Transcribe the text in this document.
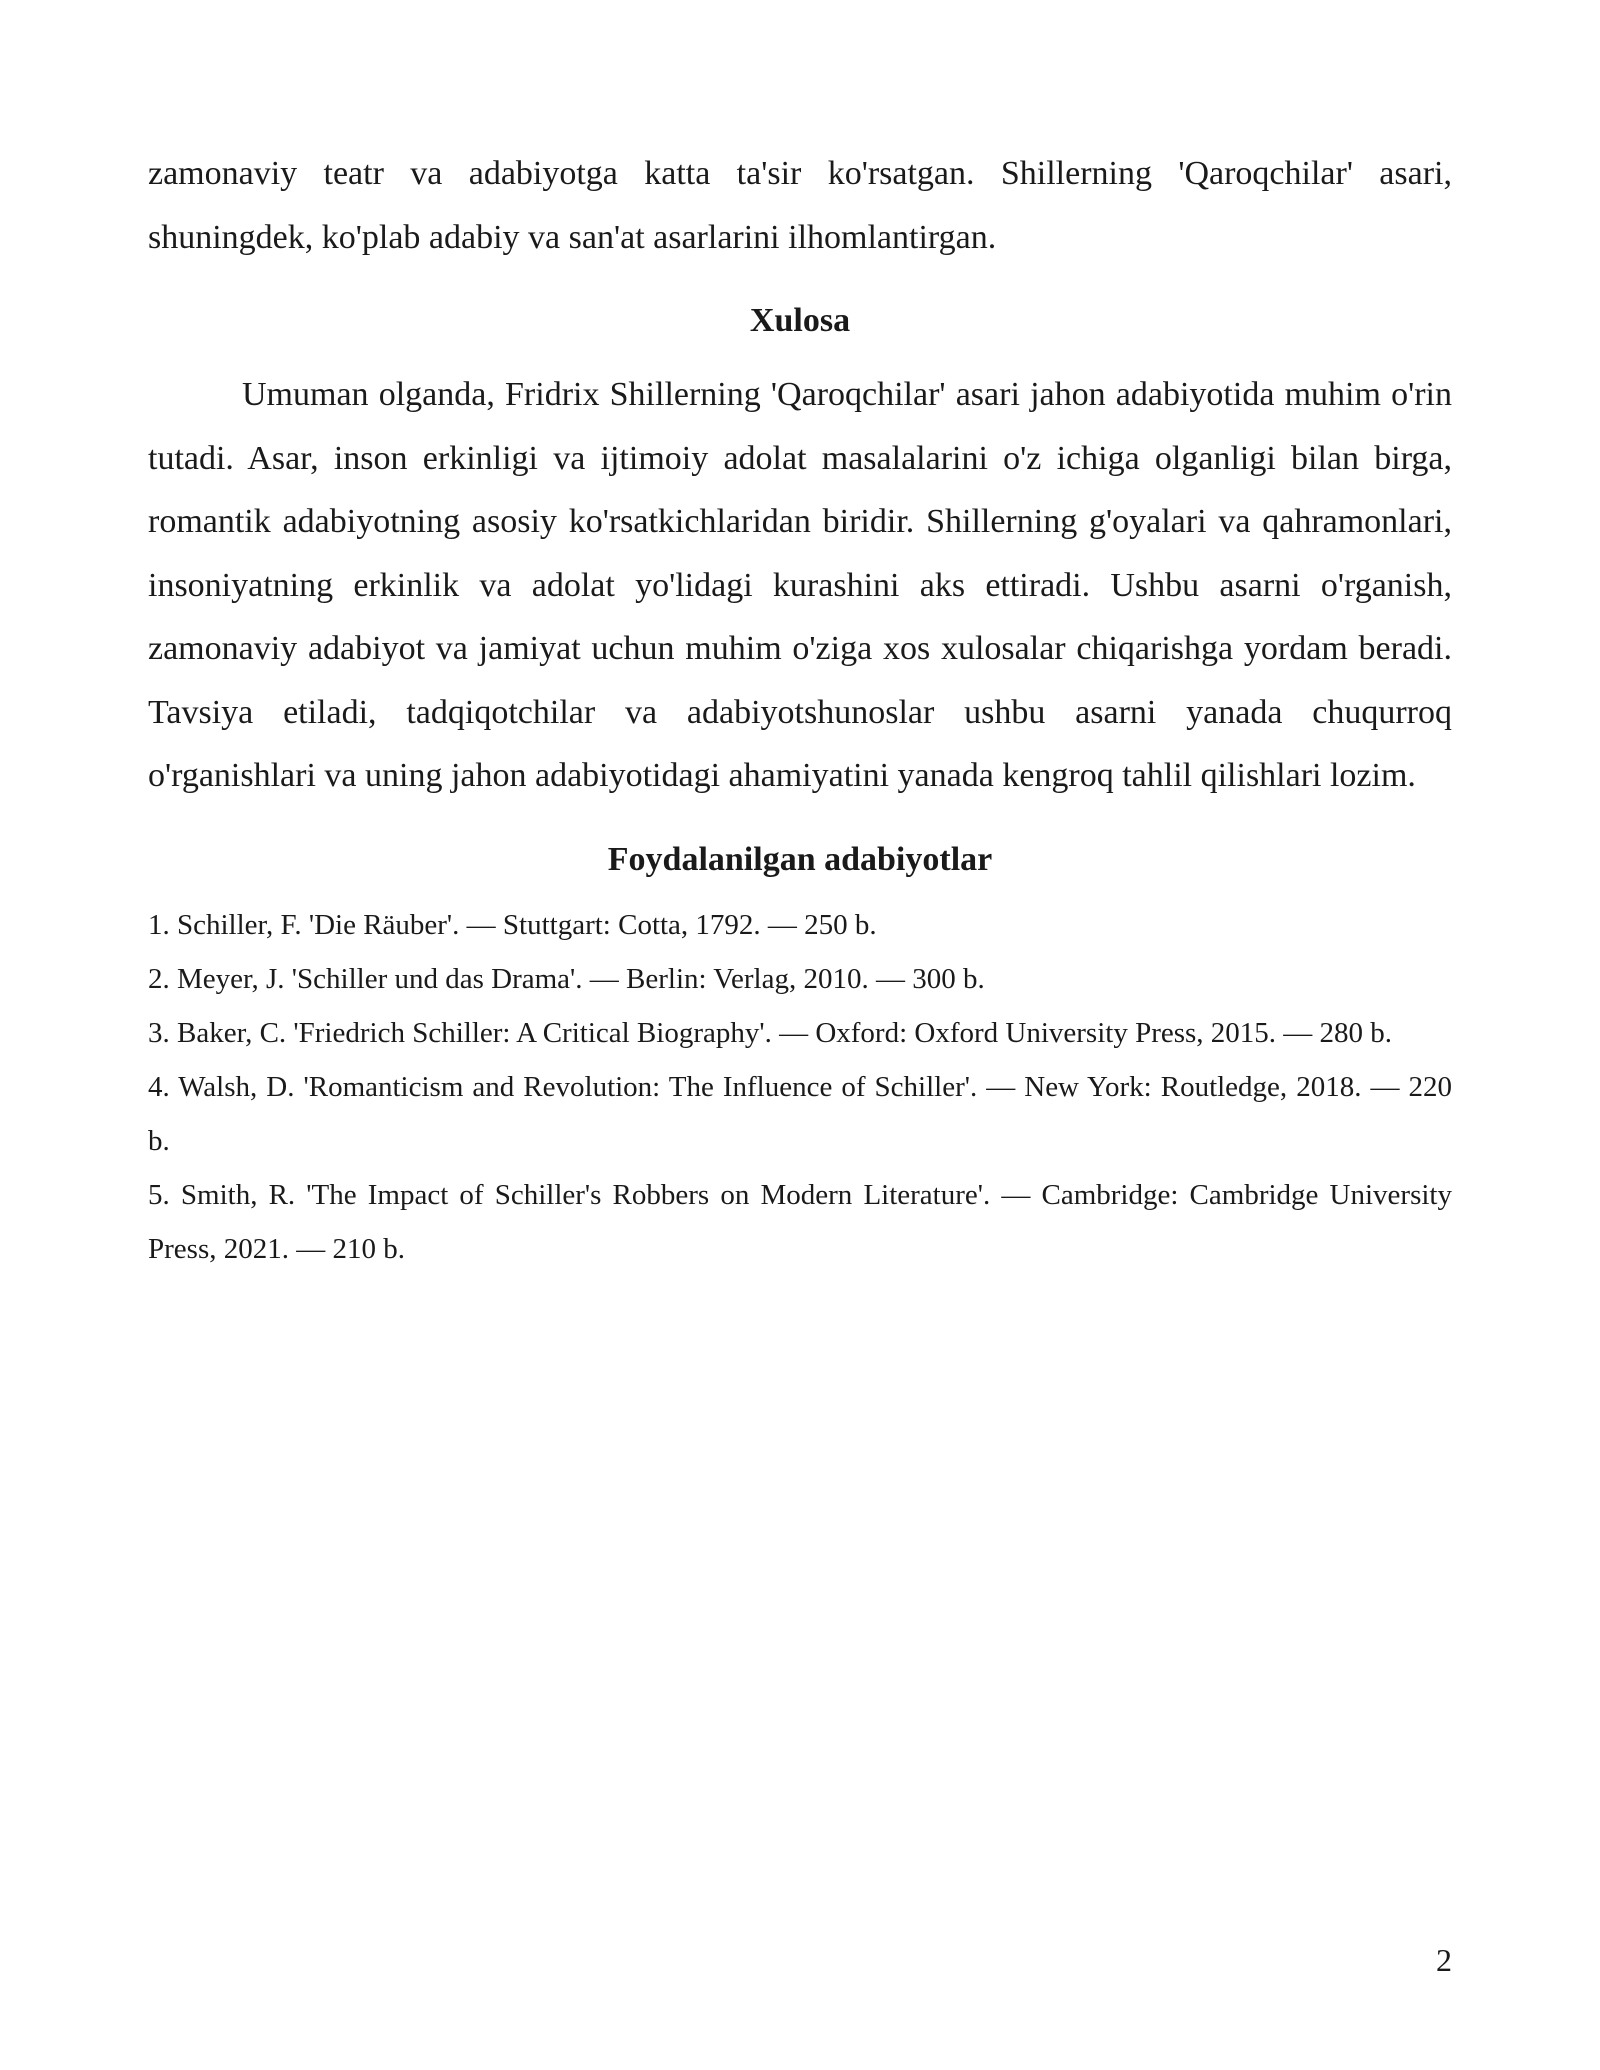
zamonaviy teatr va adabiyotga katta ta'sir ko'rsatgan. Shillerning 'Qaroqchilar' asari, shuningdek, ko'plab adabiy va san'at asarlarini ilhomlantirgan.

Xulosa

Umuman olganda, Fridrix Shillerning 'Qaroqchilar' asari jahon adabiyotida muhim o'rin tutadi. Asar, inson erkinligi va ijtimoiy adolat masalalarini o'z ichiga olganligi bilan birga, romantik adabiyotning asosiy ko'rsatkichlaridan biridir. Shillerning g'oyalari va qahramonlari, insoniyatning erkinlik va adolat yo'lidagi kurashini aks ettiradi. Ushbu asarni o'rganish, zamonaviy adabiyot va jamiyat uchun muhim o'ziga xos xulosalar chiqarishga yordam beradi. Tavsiya etiladi, tadqiqotchilar va adabiyotshunoslar ushbu asarni yanada chuqurroq o'rganishlari va uning jahon adabiyotidagi ahamiyatini yanada kengroq tahlil qilishlari lozim.

Foydalanilgan adabiyotlar
1. Schiller, F. 'Die Räuber'. — Stuttgart: Cotta, 1792. — 250 b.
2. Meyer, J. 'Schiller und das Drama'. — Berlin: Verlag, 2010. — 300 b.
3. Baker, C. 'Friedrich Schiller: A Critical Biography'. — Oxford: Oxford University Press, 2015. — 280 b.
4. Walsh, D. 'Romanticism and Revolution: The Influence of Schiller'. — New York: Routledge, 2018. — 220 b.
5. Smith, R. 'The Impact of Schiller's Robbers on Modern Literature'. — Cambridge: Cambridge University Press, 2021. — 210 b.
2
